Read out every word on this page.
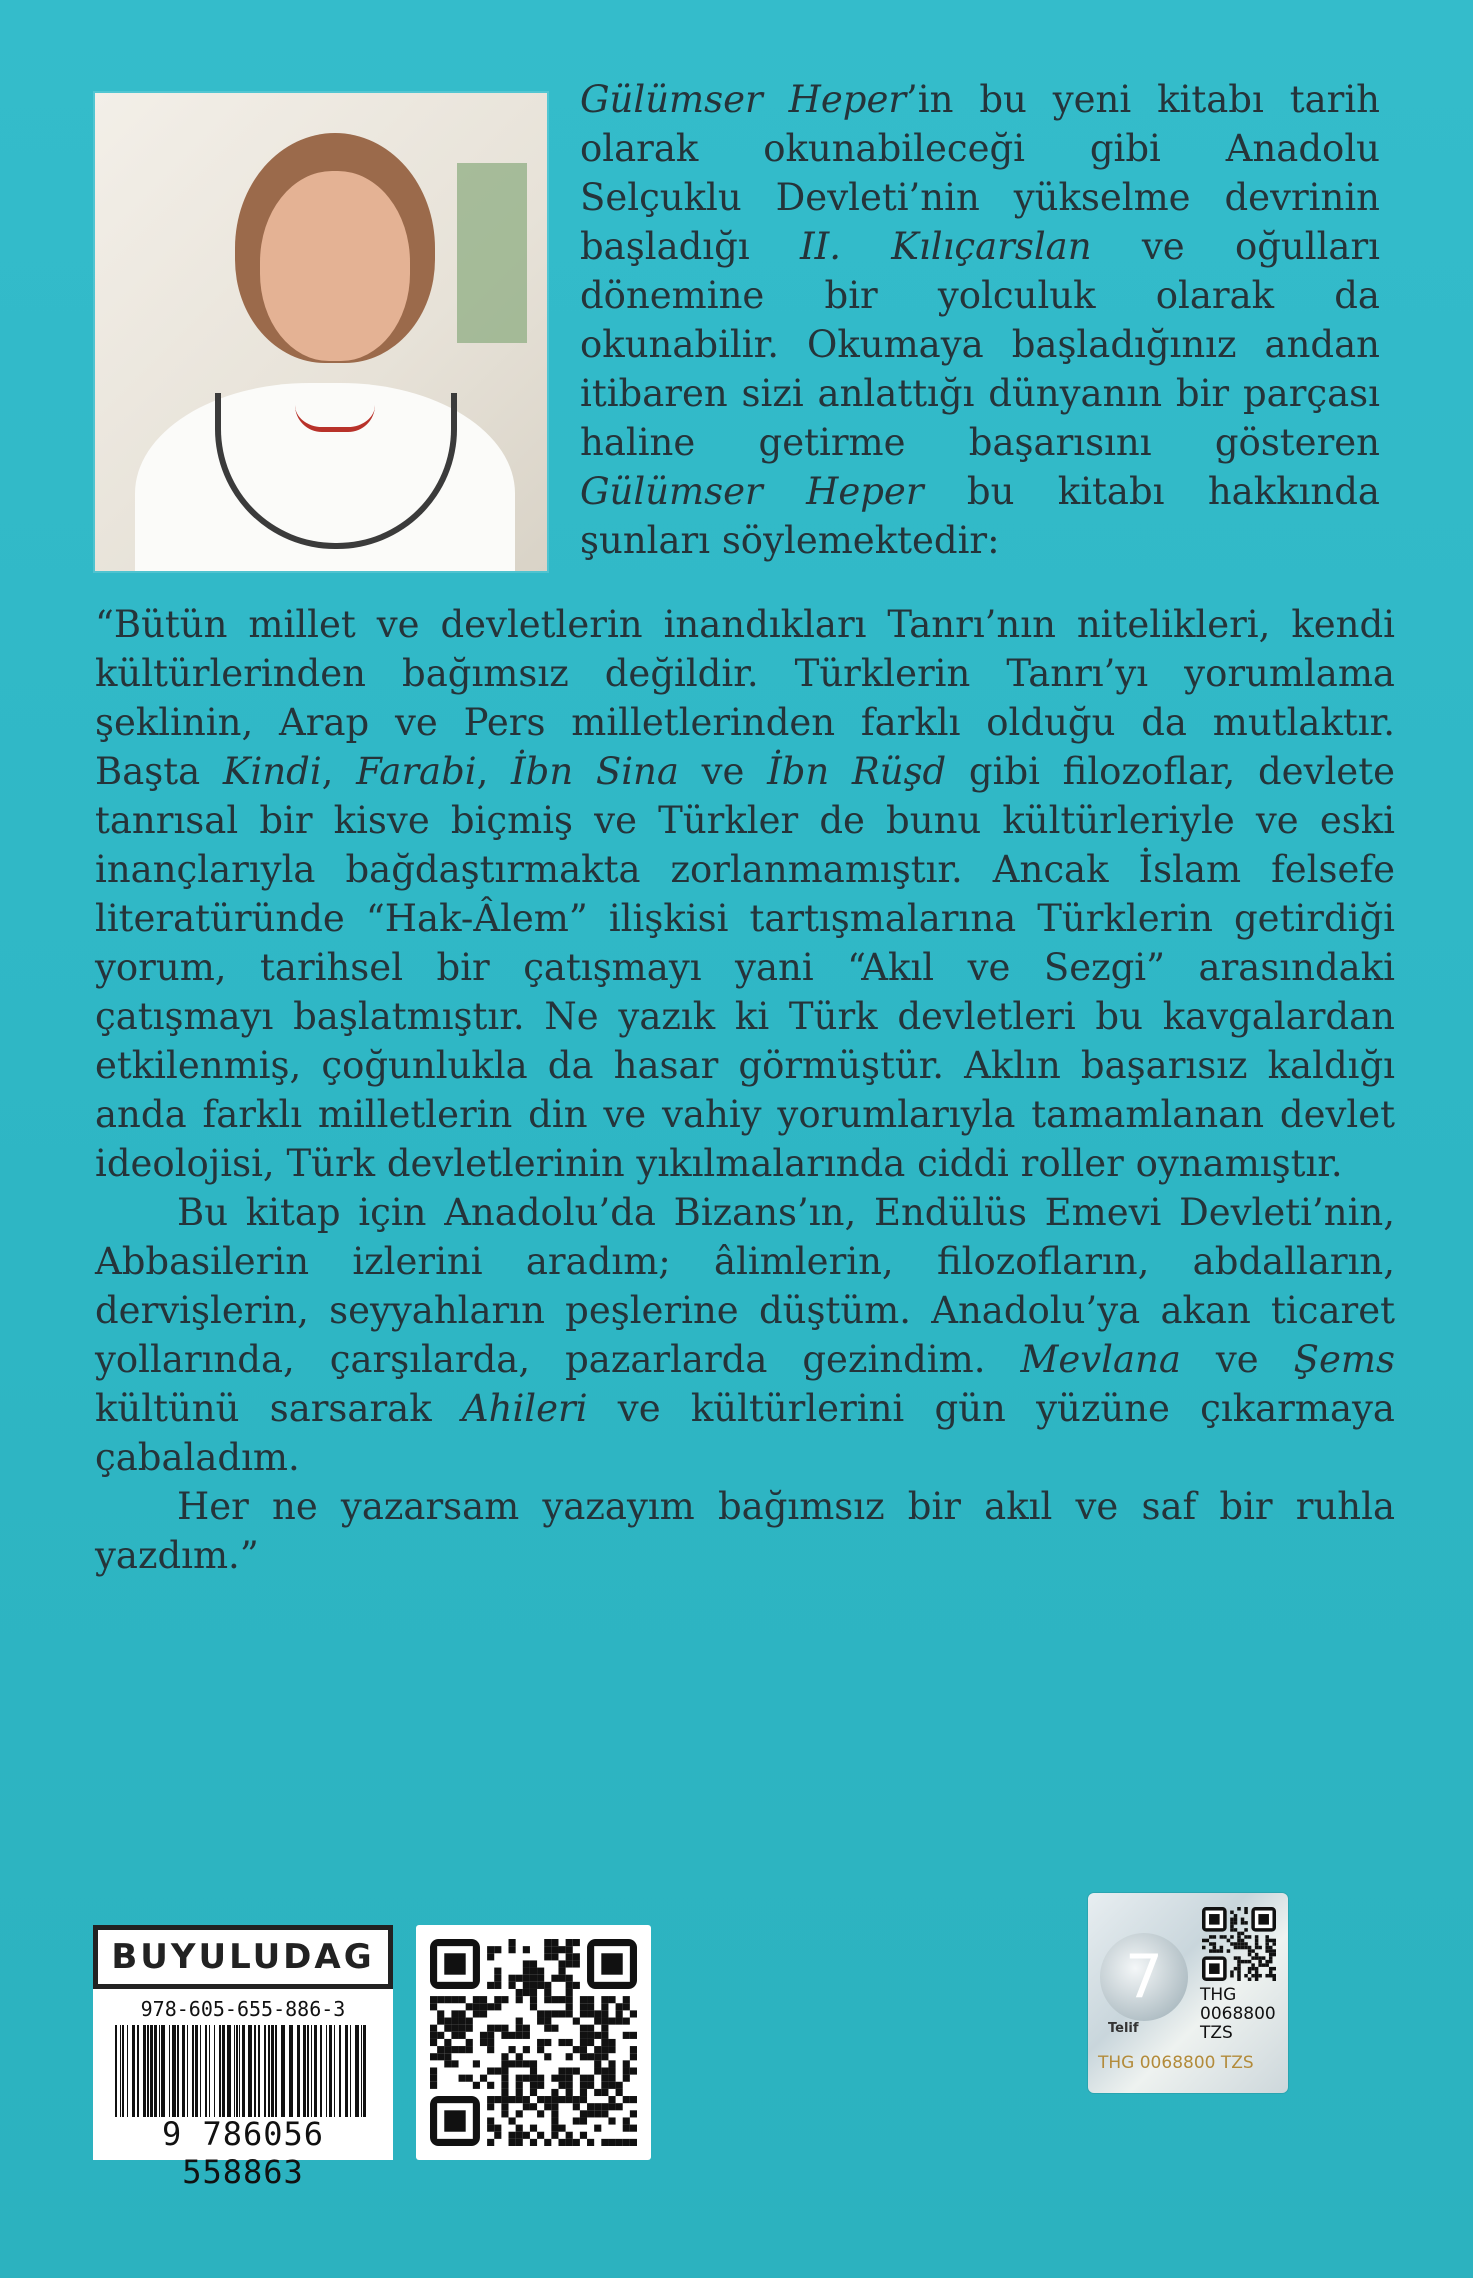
Gülümser Heper’in bu yeni kitabı tarih olarak okunabileceği gibi Anadolu Selçuklu Devleti’nin yükselme devrinin başladığı II. Kılıçarslan ve oğulları dönemine bir yolculuk olarak da okunabilir. Okumaya başladığınız andan itibaren sizi anlattığı dünyanın bir parçası haline getirme başarısını gösteren Gülümser Heper bu kitabı hakkında şunları söylemektedir:

“Bütün millet ve devletlerin inandıkları Tanrı’nın nitelikleri, kendi kültürlerinden bağımsız değildir. Türklerin Tanrı’yı yorumlama şeklinin, Arap ve Pers milletlerinden farklı olduğu da mutlaktır. Başta Kindi, Farabi, İbn Sina ve İbn Rüşd gibi filozoflar, devlete tanrısal bir kisve biçmiş ve Türkler de bunu kültürleriyle ve eski inançlarıyla bağdaştırmakta zorlanmamıştır. Ancak İslam felsefe literatüründe “Hak-Âlem” ilişkisi tartışmalarına Türklerin getirdiği yorum, tarihsel bir çatışmayı yani “Akıl ve Sezgi” arasındaki çatışmayı başlatmıştır. Ne yazık ki Türk devletleri bu kavgalardan etkilenmiş, çoğunlukla da hasar görmüştür. Aklın başarısız kaldığı anda farklı milletlerin din ve vahiy yorumlarıyla tamamlanan devlet ideolojisi, Türk devletlerinin yıkılmalarında ciddi roller oynamıştır.

Bu kitap için Anadolu’da Bizans’ın, Endülüs Emevi Devleti’nin, Abbasilerin izlerini aradım; âlimlerin, filozofların, abdalların, dervişlerin, seyyahların peşlerine düştüm. Anadolu’ya akan ticaret yollarında, çarşılarda, pazarlarda gezindim. Mevlana ve Şems kültünü sarsarak Ahileri ve kültürlerini gün yüzüne çıkarmaya çabaladım.

Her ne yazarsam yazayım bağımsız bir akıl ve saf bir ruhla yazdım.”

BUYULUDAG
978-605-655-886-3
9 786056 558863
7	THG
0068800
TZS
Telif
THG 0068800 TZS
